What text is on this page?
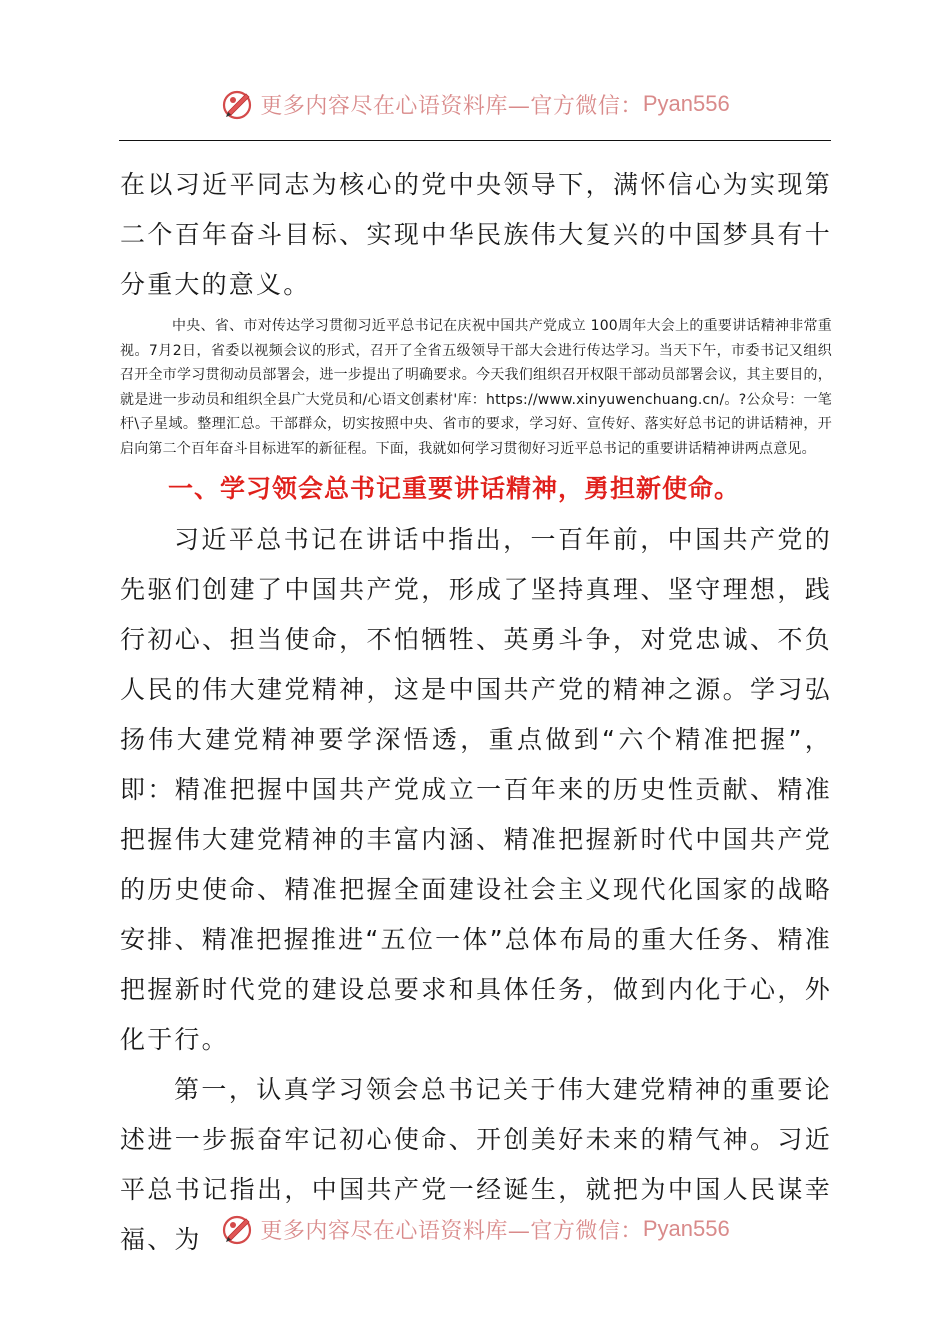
更多内容尽在心语资料库—官方微信： Pyan556

在以习近平同志为核心的党中央领导下，满怀信心为实现第二个百年奋斗目标、实现中华民族伟大复兴的中国梦具有十分重大的意义。

中央、省、市对传达学习贯彻习近平总书记在庆祝中国共产党成立 100周年大会上的重要讲话精神非常重视。7月2日，省委以视频会议的形式，召开了全省五级领导干部大会进行传达学习。当天下午，市委书记又组织召开全市学习贯彻动员部署会，进一步提出了明确要求。今天我们组织召开权限干部动员部署会议，其主要目的，就是进一步动员和组织全县广大党员和/心语文创素材'库：https://www.xinyuwenchuang.cn/。?公众号：一笔杆\子星域。整理汇总。干部群众，切实按照中央、省市的要求，学习好、宣传好、落实好总书记的讲话精神，开启向第二个百年奋斗目标进军的新征程。下面，我就如何学习贯彻好习近平总书记的重要讲话精神讲两点意见。

一、学习领会总书记重要讲话精神，勇担新使命。

习近平总书记在讲话中指出，一百年前，中国共产党的先驱们创建了中国共产党，形成了坚持真理、坚守理想，践行初心、担当使命，不怕牺牲、英勇斗争，对党忠诚、不负人民的伟大建党精神，这是中国共产党的精神之源。学习弘扬伟大建党精神要学深悟透，重点做到“六个精准把握”，即：精准把握中国共产党成立一百年来的历史性贡献、精准把握伟大建党精神的丰富内涵、精准把握新时代中国共产党的历史使命、精准把握全面建设社会主义现代化国家的战略安排、精准把握推进“五位一体”总体布局的重大任务、精准把握新时代党的建设总要求和具体任务，做到内化于心，外化于行。

第一，认真学习领会总书记关于伟大建党精神的重要论述进一步振奋牢记初心使命、开创美好未来的精气神。习近平总书记指出，中国共产党一经诞生，就把为中国人民谋幸福、为	更多内容尽在心语资料库—官方微信： Pyan556
